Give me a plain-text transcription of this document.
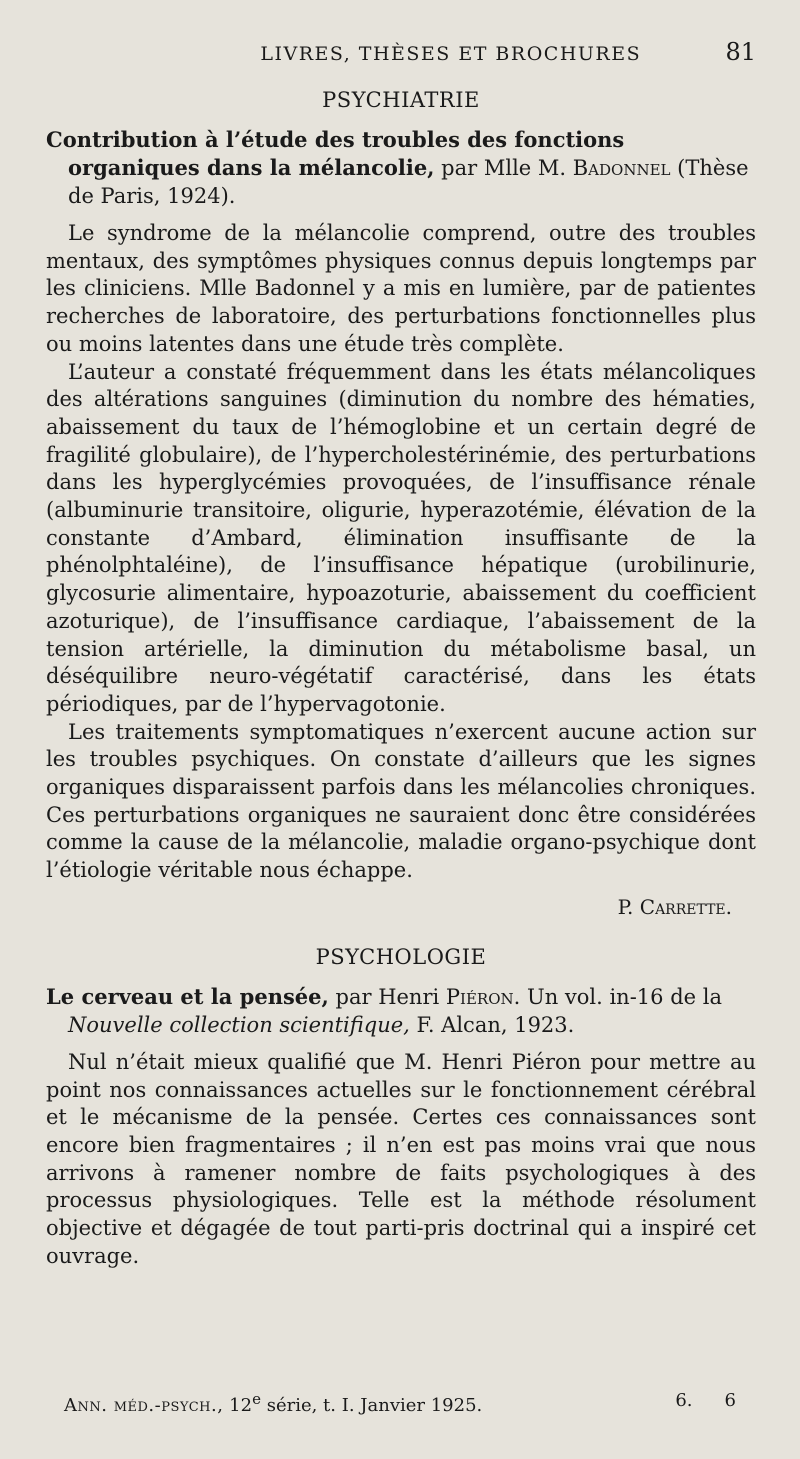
LIVRES, THÈSES ET BROCHURES	81
PSYCHIATRIE
Contribution à l’étude des troubles des fonctions organiques dans la mélancolie, par Mlle M. Badonnel (Thèse de Paris, 1924).

Le syndrome de la mélancolie comprend, outre des troubles mentaux, des symptômes physiques connus depuis longtemps par les cliniciens. Mlle Badonnel y a mis en lumière, par de patientes recherches de laboratoire, des perturbations fonctionnelles plus ou moins latentes dans une étude très complète.

L’auteur a constaté fréquemment dans les états mélancoliques des altérations sanguines (diminution du nombre des hématies, abaissement du taux de l’hémoglobine et un certain degré de fragilité globulaire), de l’hypercholestérinémie, des perturbations dans les hyperglycémies provoquées, de l’insuffisance rénale (albuminurie transitoire, oligurie, hyperazotémie, élévation de la constante d’Ambard, élimination insuffisante de la phénolphtaléine), de l’insuffisance hépatique (urobilinurie, glycosurie alimentaire, hypoazoturie, abaissement du coefficient azoturique), de l’insuffisance cardiaque, l’abaissement de la tension artérielle, la diminution du métabolisme basal, un déséquilibre neuro-végétatif caractérisé, dans les états périodiques, par de l’hypervagotonie.

Les traitements symptomatiques n’exercent aucune action sur les troubles psychiques. On constate d’ailleurs que les signes organiques disparaissent parfois dans les mélancolies chroniques. Ces perturbations organiques ne sauraient donc être considérées comme la cause de la mélancolie, maladie organo-psychique dont l’étiologie véritable nous échappe.

P. Carrette.
PSYCHOLOGIE
Le cerveau et la pensée, par Henri Piéron. Un vol. in-16 de la Nouvelle collection scientifique, F. Alcan, 1923.

Nul n’était mieux qualifié que M. Henri Piéron pour mettre au point nos connaissances actuelles sur le fonctionnement cérébral et le mécanisme de la pensée. Certes ces connaissances sont encore bien fragmentaires ; il n’en est pas moins vrai que nous arrivons à ramener nombre de faits psychologiques à des processus physiologiques. Telle est la méthode résolument objective et dégagée de tout parti-pris doctrinal qui a inspiré cet ouvrage.

Ann. méd.-psych., 12e série, t. I. Janvier 1925.	6. 6
